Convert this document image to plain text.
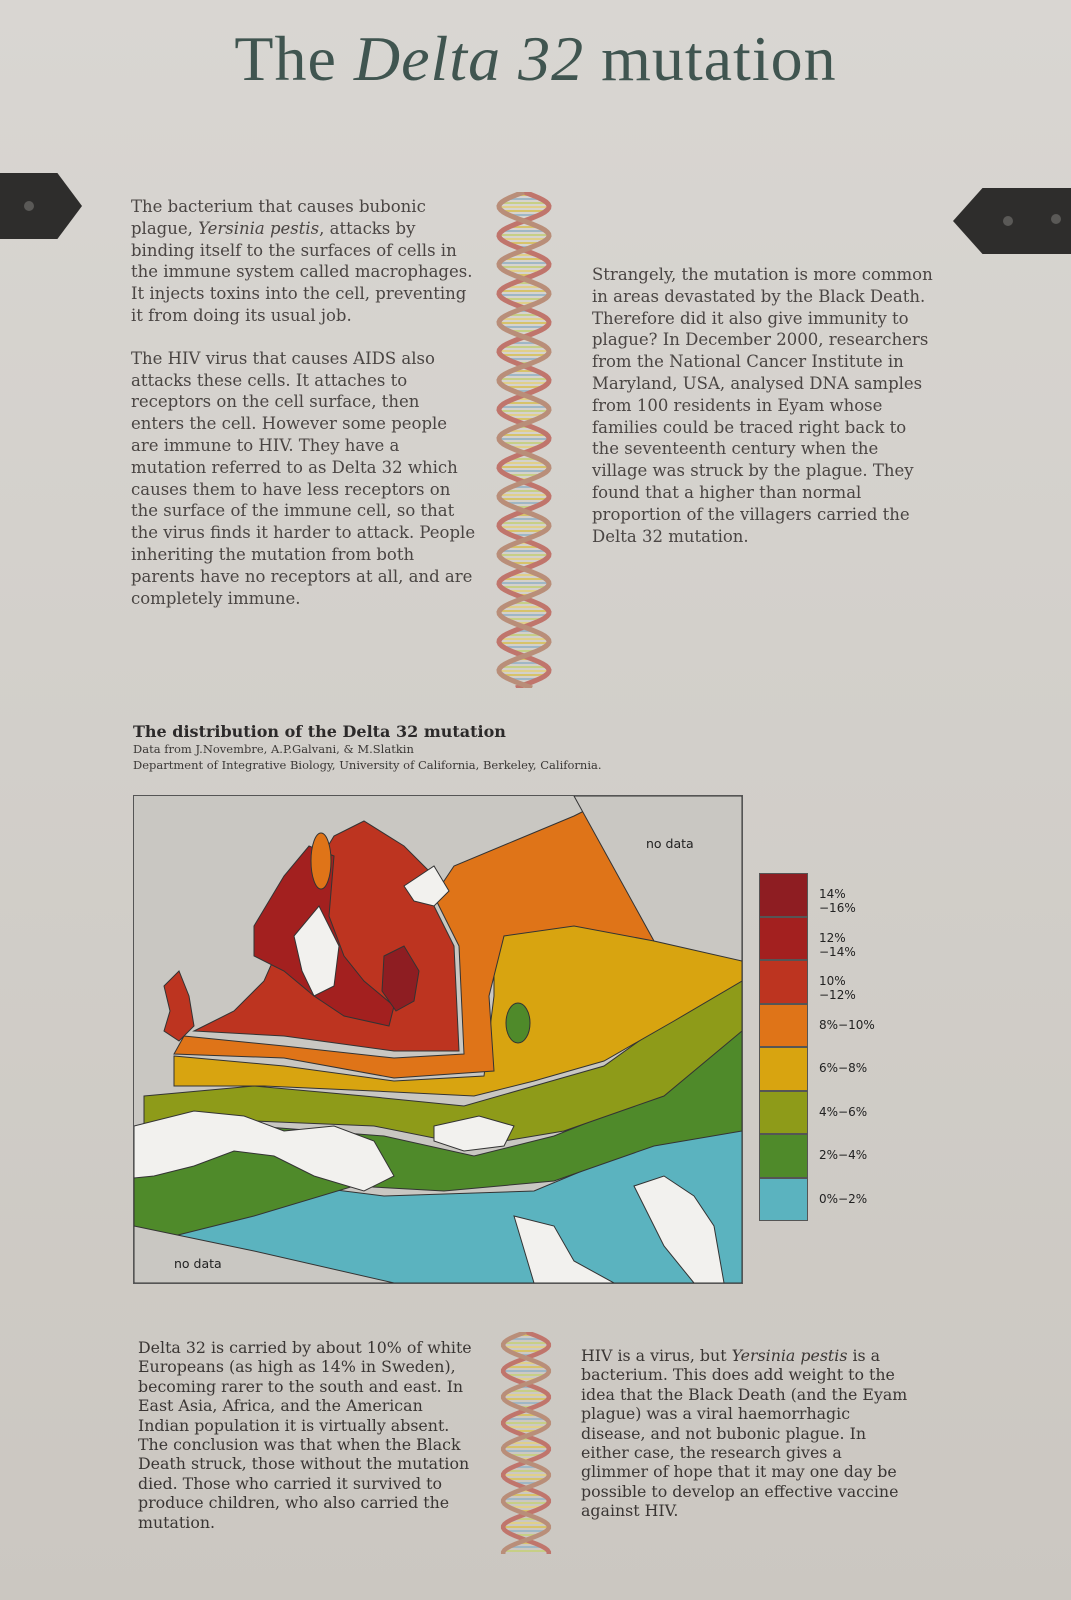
The Delta 32 mutation

The bacterium that causes bubonic plague, Yersinia pestis, attacks by binding itself to the surfaces of cells in the immune system called macrophages. It injects toxins into the cell, preventing it from doing its usual job.

The HIV virus that causes AIDS also attacks these cells. It attaches to receptors on the cell surface, then enters the cell. However some people are immune to HIV. They have a mutation referred to as Delta 32 which causes them to have less receptors on the surface of the immune cell, so that the virus finds it harder to attack. People inheriting the mutation from both parents have no receptors at all, and are completely immune.

Strangely, the mutation is more common in areas devastated by the Black Death. Therefore did it also give immunity to plague? In December 2000, researchers from the National Cancer Institute in Maryland, USA, analysed DNA samples from 100 residents in Eyam whose families could be traced right back to the seventeenth century when the village was struck by the plague. They found that a higher than normal proportion of the villagers carried the Delta 32 mutation.
The distribution of the Delta 32 mutation
Data from J.Novembre, A.P.Galvani, & M.Slatkin
Department of Integrative Biology, University of California, Berkeley, California.
no data
no data
14%−16%
12%−14%
10%−12%
8%−10%
6%−8%
4%−6%
2%−4%
0%−2%
Delta 32 is carried by about 10% of white Europeans (as high as 14% in Sweden), becoming rarer to the south and east. In East Asia, Africa, and the American Indian population it is virtually absent. The conclusion was that when the Black Death struck, those without the mutation died. Those who carried it survived to produce children, who also carried the mutation.
HIV is a virus, but Yersinia pestis is a bacterium. This does add weight to the idea that the Black Death (and the Eyam plague) was a viral haemorrhagic disease, and not bubonic plague. In either case, the research gives a glimmer of hope that it may one day be possible to develop an effective vaccine against HIV.
